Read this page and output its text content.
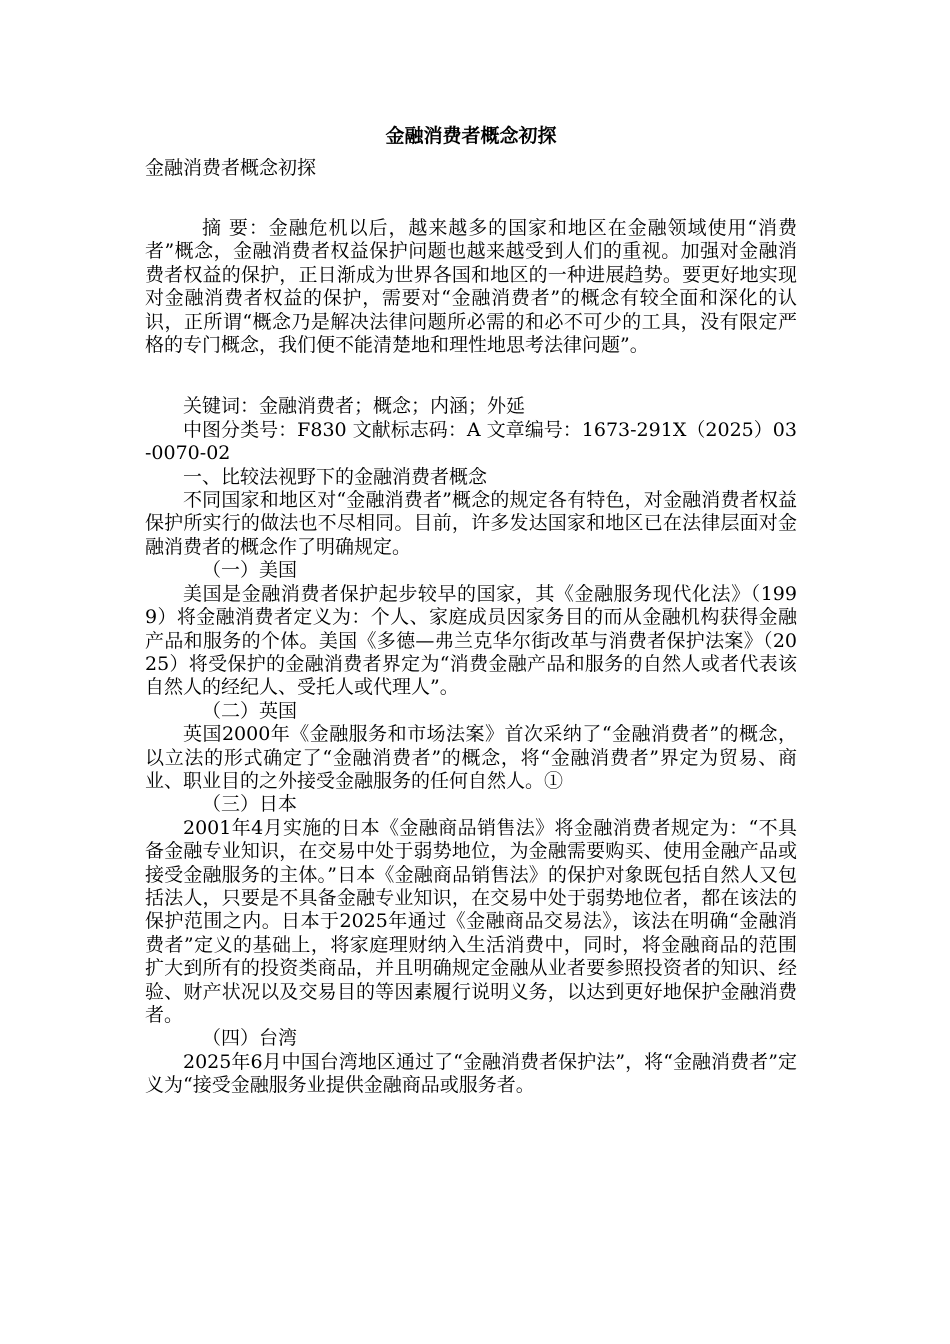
金融消费者概念初探

金融消费者概念初探

摘 要：金融危机以后，越来越多的国家和地区在金融领域使用“消费者”概念，金融消费者权益保护问题也越来越受到人们的重视。加强对金融消费者权益的保护，正日渐成为世界各国和地区的一种进展趋势。要更好地实现对金融消费者权益的保护，需要对“金融消费者”的概念有较全面和深化的认识，正所谓“概念乃是解决法律问题所必需的和必不可少的工具，没有限定严格的专门概念，我们便不能清楚地和理性地思考法律问题”。

关键词：金融消费者；概念；内涵；外延

中图分类号：F830 文献标志码：A 文章编号：1673-291X（2025）03-0070-02

一、比较法视野下的金融消费者概念

不同国家和地区对“金融消费者”概念的规定各有特色，对金融消费者权益保护所实行的做法也不尽相同。目前，许多发达国家和地区已在法律层面对金融消费者的概念作了明确规定。

（一）美国

美国是金融消费者保护起步较早的国家，其《金融服务现代化法》（1999）将金融消费者定义为：个人、家庭成员因家务目的而从金融机构获得金融产品和服务的个体。美国《多德—弗兰克华尔街改革与消费者保护法案》（2025）将受保护的金融消费者界定为“消费金融产品和服务的自然人或者代表该自然人的经纪人、受托人或代理人”。

（二）英国

英国2000年《金融服务和市场法案》首次采纳了“金融消费者”的概念，以立法的形式确定了“金融消费者”的概念，将“金融消费者”界定为贸易、商业、职业目的之外接受金融服务的任何自然人。①

（三）日本

2001年4月实施的日本《金融商品销售法》将金融消费者规定为：“不具备金融专业知识，在交易中处于弱势地位，为金融需要购买、使用金融产品或接受金融服务的主体。”日本《金融商品销售法》的保护对象既包括自然人又包括法人，只要是不具备金融专业知识，在交易中处于弱势地位者，都在该法的保护范围之内。日本于2025年通过《金融商品交易法》，该法在明确“金融消费者”定义的基础上，将家庭理财纳入生活消费中，同时，将金融商品的范围扩大到所有的投资类商品，并且明确规定金融从业者要参照投资者的知识、经验、财产状况以及交易目的等因素履行说明义务，以达到更好地保护金融消费者。

（四）台湾

2025年6月中国台湾地区通过了“金融消费者保护法”，将“金融消费者”定义为“接受金融服务业提供金融商品或服务者。
